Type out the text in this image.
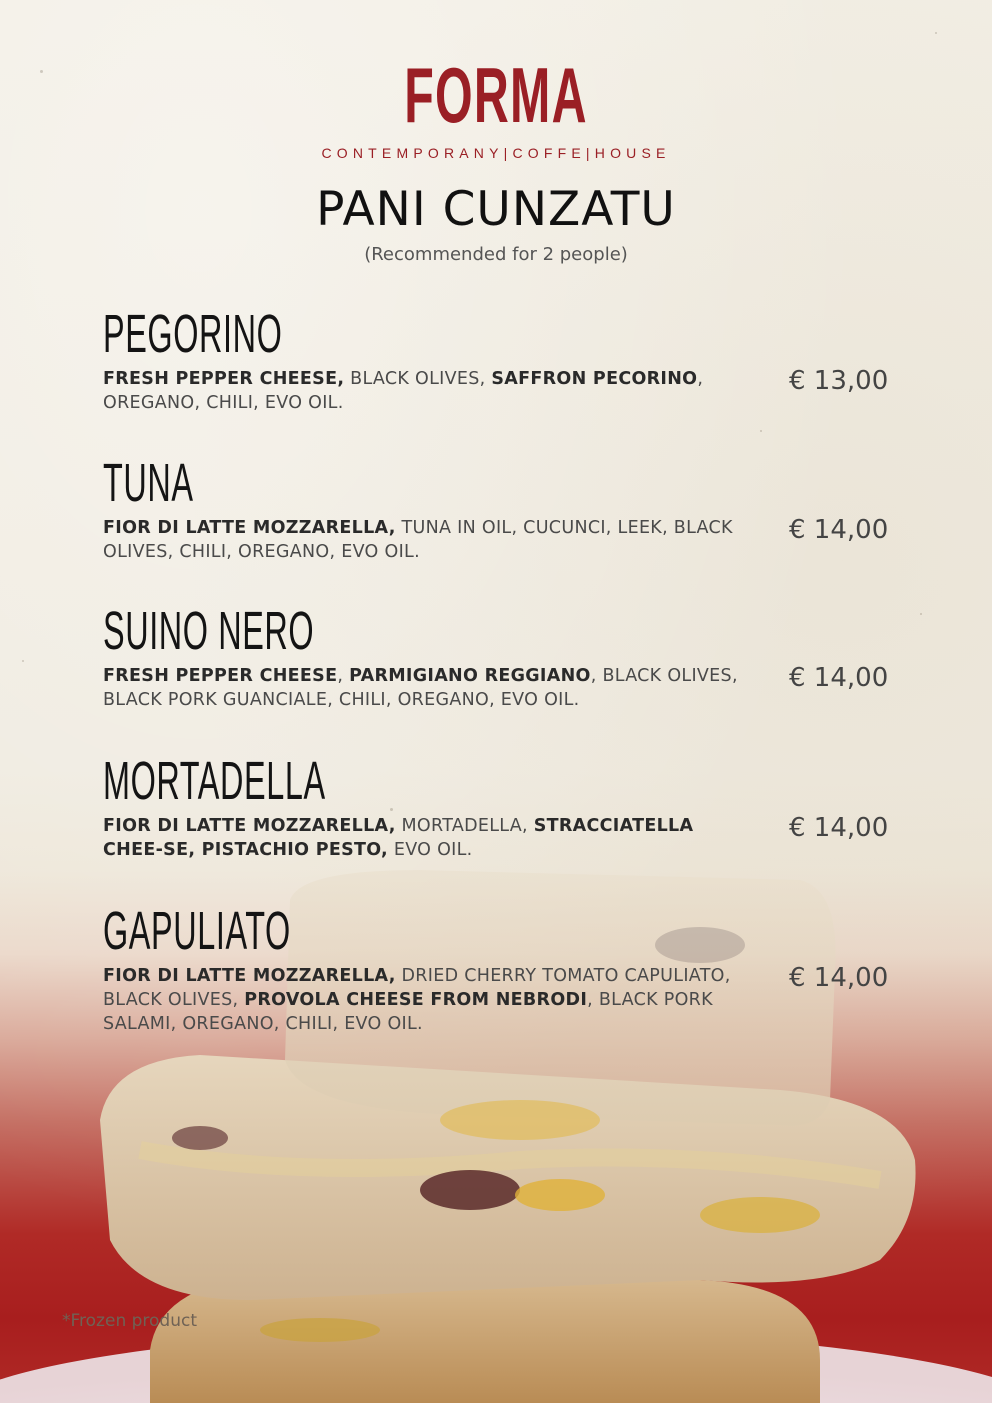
FORMA
CONTEMPORANY|COFFE|HOUSE
PANI CUNZATU
(Recommended for 2 people)
PEGORINO
FRESH PEPPER CHEESE, BLACK OLIVES, SAFFRON PECORINO, OREGANO, CHILI, EVO OIL.
€ 13,00
TUNA
FIOR DI LATTE MOZZARELLA, TUNA IN OIL, CUCUNCI, LEEK, BLACK OLIVES, CHILI, OREGANO, EVO OIL.
€ 14,00
SUINO NERO
FRESH PEPPER CHEESE, PARMIGIANO REGGIANO, BLACK OLIVES, BLACK PORK GUANCIALE, CHILI, OREGANO, EVO OIL.
€ 14,00
MORTADELLA
FIOR DI LATTE MOZZARELLA, MORTADELLA, STRACCIATELLA CHEE-SE, PISTACHIO PESTO, EVO OIL.
€ 14,00
GAPULIATO
FIOR DI LATTE MOZZARELLA, DRIED CHERRY TOMATO CAPULIATO, BLACK OLIVES, PROVOLA CHEESE FROM NEBRODI, BLACK PORK SALAMI, OREGANO, CHILI, EVO OIL.
€ 14,00
*Frozen product
